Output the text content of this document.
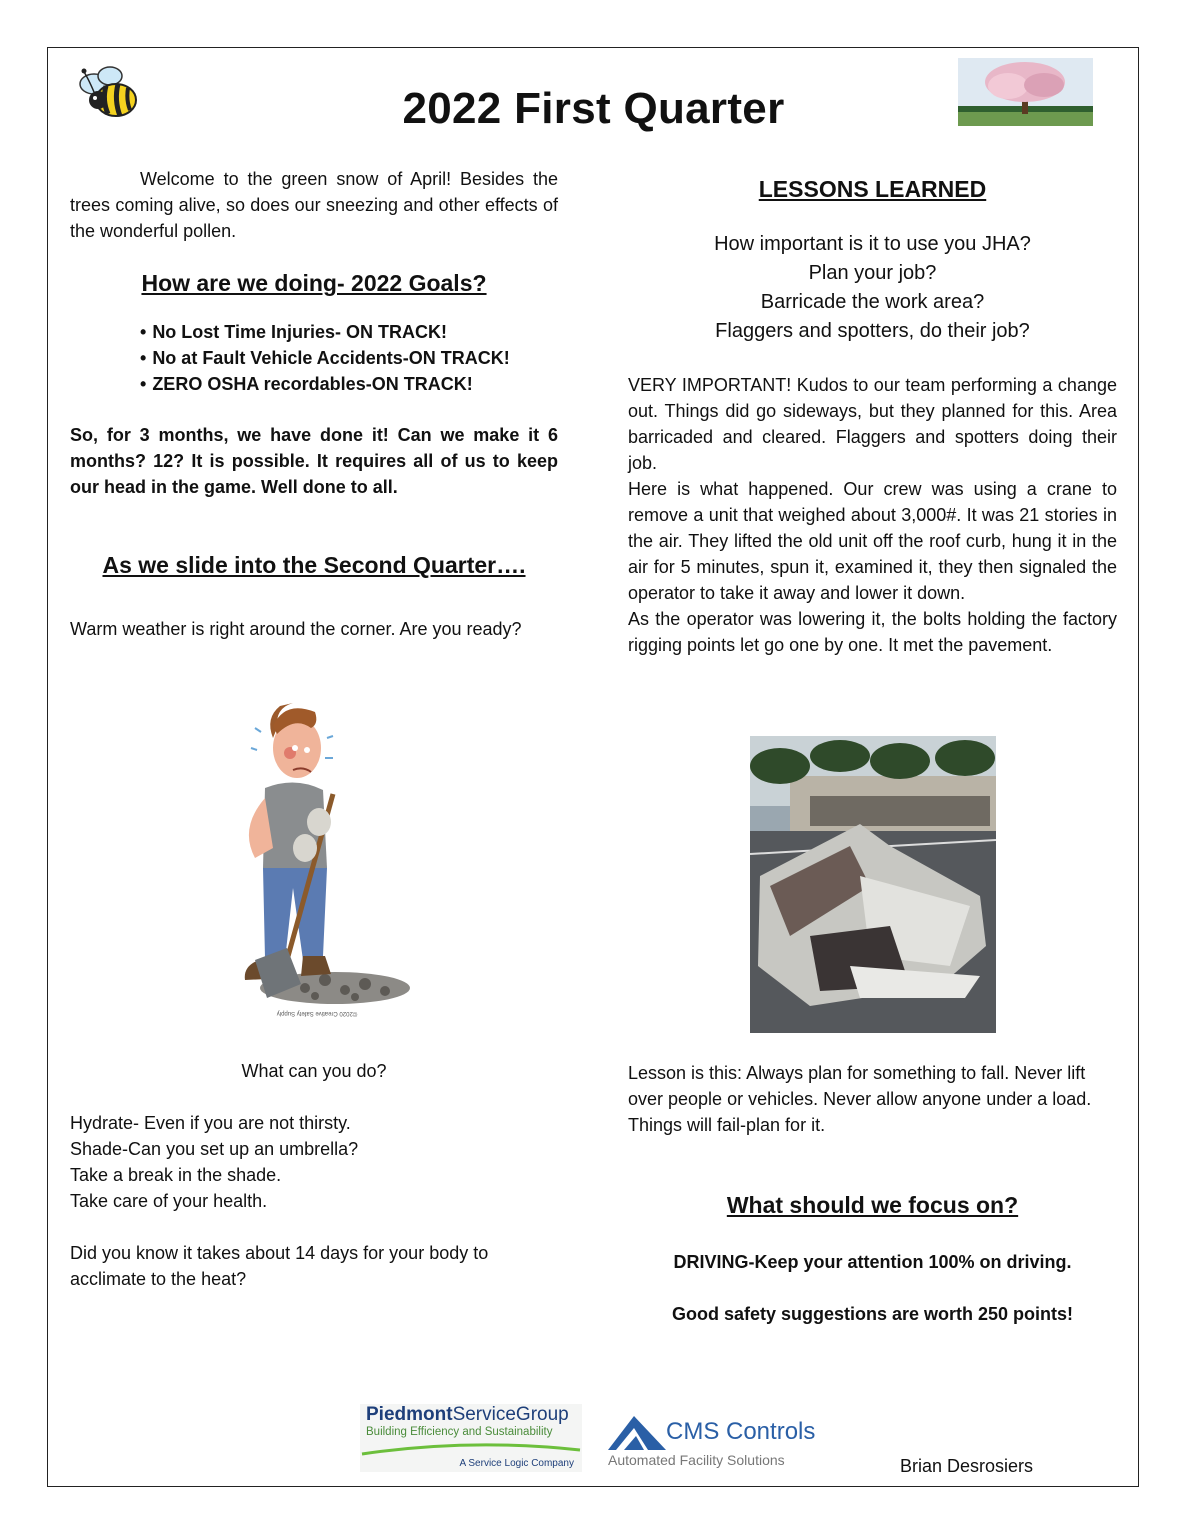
2022 First Quarter

Welcome to the green snow of April! Besides the trees coming alive, so does our sneezing and other effects of the wonderful pollen.

How are we doing- 2022 Goals?
• No Lost Time Injuries- ON TRACK!
• No at Fault Vehicle Accidents-ON TRACK!
• ZERO OSHA recordables-ON TRACK!
So, for 3 months, we have done it! Can we make it 6 months? 12? It is possible. It requires all of us to keep our head in the game. Well done to all.
As we slide into the Second Quarter….
Warm weather is right around the corner. Are you ready?
©2020 Creative Safety Supply
What can you do?

Hydrate- Even if you are not thirsty.

Shade-Can you set up an umbrella?

Take a break in the shade.

Take care of your health.

Did you know it takes about 14 days for your body to acclimate to the heat?
LESSONS LEARNED

How important is it to use you JHA?

Plan your job?

Barricade the work area?

Flaggers and spotters, do their job?

VERY IMPORTANT! Kudos to our team performing a change out. Things did go sideways, but they planned for this. Area barricaded and cleared. Flaggers and spotters doing their job.

Here is what happened. Our crew was using a crane to remove a unit that weighed about 3,000#. It was 21 stories in the air. They lifted the old unit off the roof curb, hung it in the air for 5 minutes, spun it, examined it, they then signaled the operator to take it away and lower it down.

As the operator was lowering it, the bolts holding the factory rigging points let go one by one. It met the pavement.

Lesson is this: Always plan for something to fall. Never lift over people or vehicles. Never allow anyone under a load. Things will fail-plan for it.
What should we focus on?
DRIVING-Keep your attention 100% on driving.
Good safety suggestions are worth 250 points!
PiedmontServiceGroup
Building Efficiency and Sustainability
A Service Logic Company
CMS Controls
Automated Facility Solutions	Brian Desrosiers
